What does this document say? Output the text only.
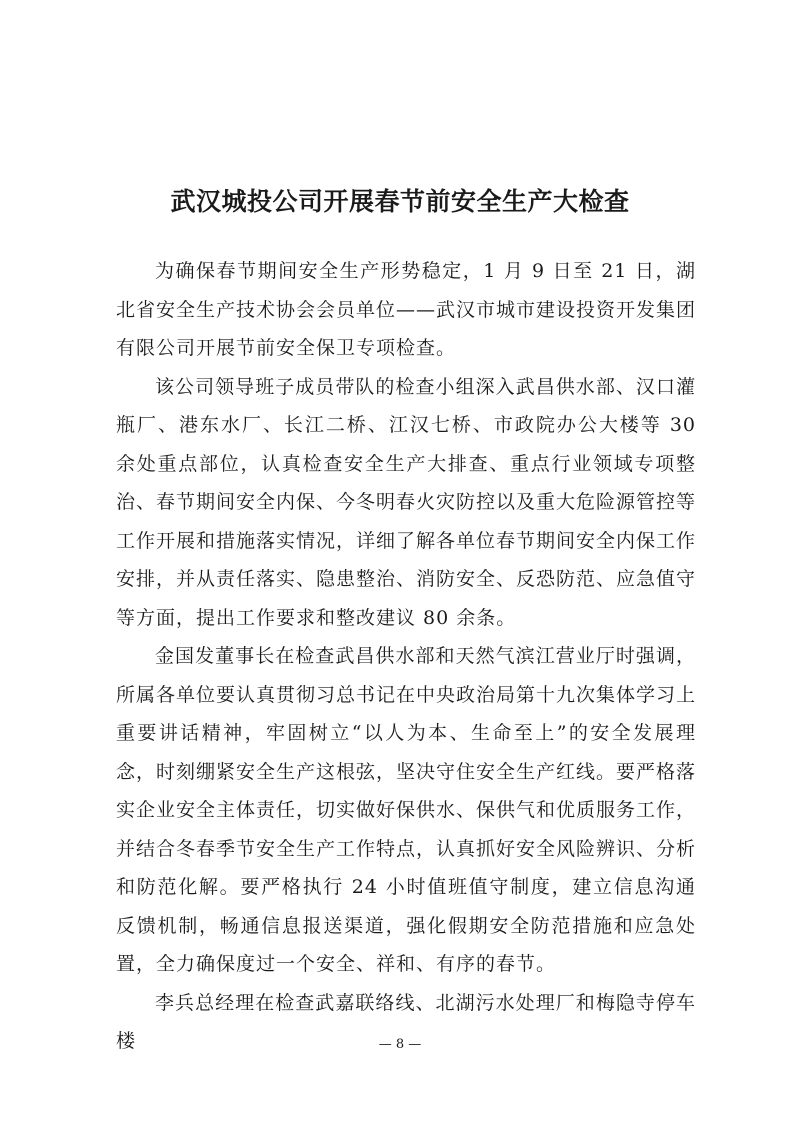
武汉城投公司开展春节前安全生产大检查

为确保春节期间安全生产形势稳定，1 月 9 日至 21 日，湖北省安全生产技术协会会员单位——武汉市城市建设投资开发集团有限公司开展节前安全保卫专项检查。

该公司领导班子成员带队的检查小组深入武昌供水部、汉口灌瓶厂、港东水厂、长江二桥、江汉七桥、市政院办公大楼等 30 余处重点部位，认真检查安全生产大排查、重点行业领域专项整治、春节期间安全内保、今冬明春火灾防控以及重大危险源管控等工作开展和措施落实情况，详细了解各单位春节期间安全内保工作安排，并从责任落实、隐患整治、消防安全、反恐防范、应急值守等方面，提出工作要求和整改建议 80 余条。

金国发董事长在检查武昌供水部和天然气滨江营业厅时强调，所属各单位要认真贯彻习总书记在中央政治局第十九次集体学习上重要讲话精神，牢固树立“以人为本、生命至上”的安全发展理念，时刻绷紧安全生产这根弦，坚决守住安全生产红线。要严格落实企业安全主体责任，切实做好保供水、保供气和优质服务工作，并结合冬春季节安全生产工作特点，认真抓好安全风险辨识、分析和防范化解。要严格执行 24 小时值班值守制度，建立信息沟通反馈机制，畅通信息报送渠道，强化假期安全防范措施和应急处置，全力确保度过一个安全、祥和、有序的春节。

李兵总经理在检查武嘉联络线、北湖污水处理厂和梅隐寺停车楼	— 8 —
